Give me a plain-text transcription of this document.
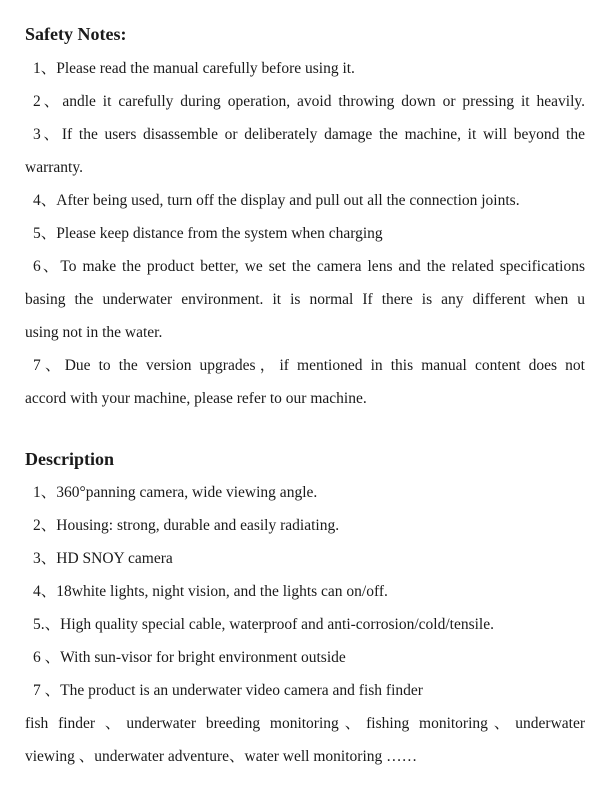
Safety Notes:
1、Please read the manual carefully before using it.
2、andle it carefully during operation, avoid throwing down or pressing it heavily.
3、If the users disassemble or deliberately damage the machine, it will beyond the
warranty.
4、After being used, turn off the display and pull out all the connection joints.
5、Please keep distance from the system when charging
6、To make the product better, we set the camera lens and the related specifications
basing the underwater environment. it is normal If there is any different when u
using not in the water.
7、Due to the version upgrades，if mentioned in this manual content does not
accord with your machine, please refer to our machine.
Description
1、360°panning camera, wide viewing angle.
2、Housing: strong, durable and easily radiating.
3、HD SNOY camera
4、18white lights, night vision, and the lights can on/off.
5.、High quality special cable, waterproof and anti-corrosion/cold/tensile.
6 、With sun-visor for bright environment outside
7 、The product is an underwater video camera and fish finder
fish finder 、underwater breeding monitoring、fishing monitoring、underwater
viewing 、underwater adventure、water well monitoring ……
